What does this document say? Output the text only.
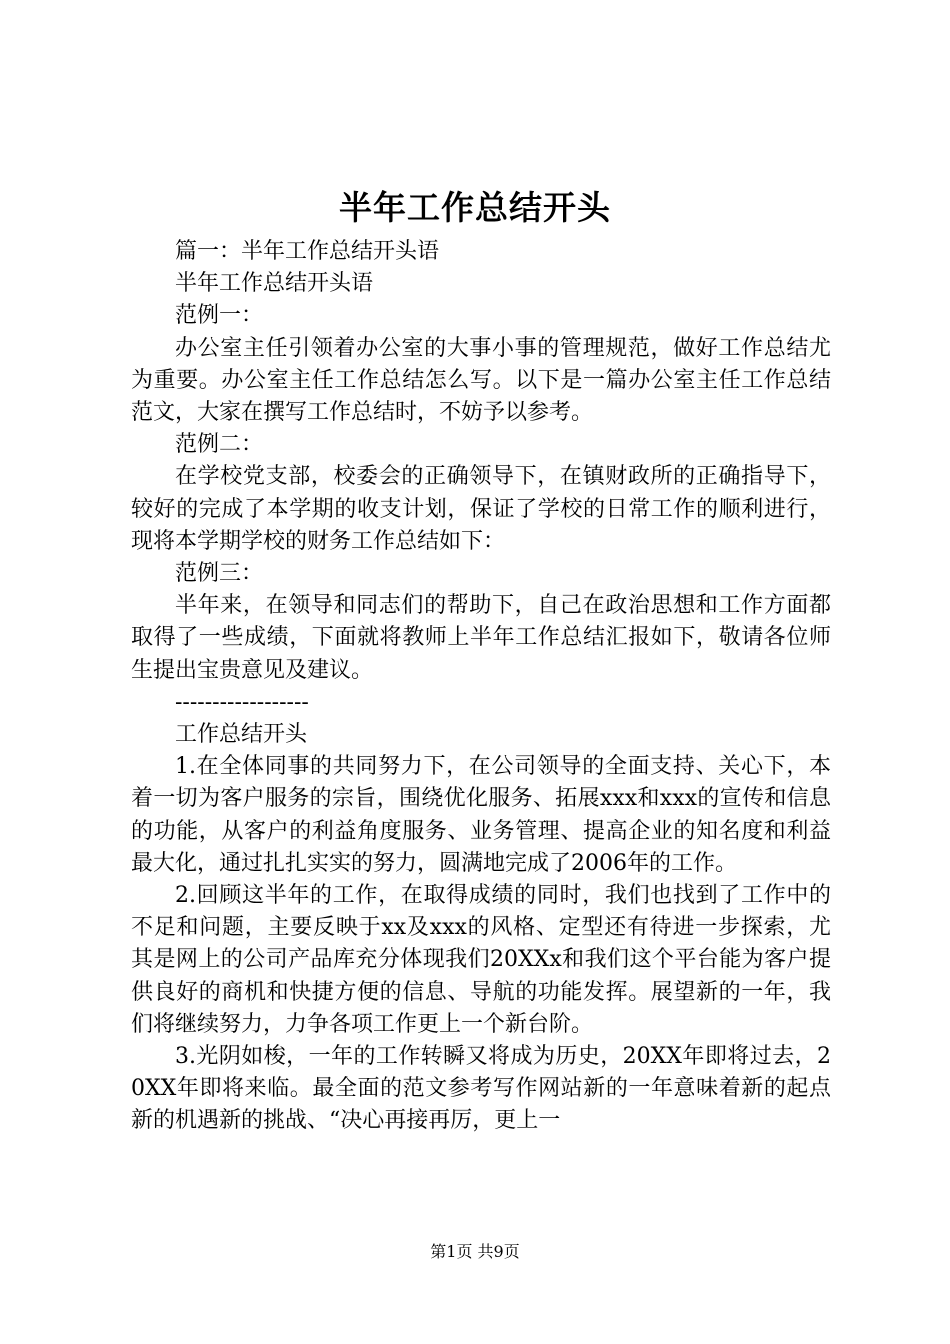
半年工作总结开头

篇一：半年工作总结开头语

半年工作总结开头语

范例一：

办公室主任引领着办公室的大事小事的管理规范，做好工作总结尤为重要。办公室主任工作总结怎么写。以下是一篇办公室主任工作总结范文，大家在撰写工作总结时，不妨予以参考。

范例二：

在学校党支部，校委会的正确领导下，在镇财政所的正确指导下，较好的完成了本学期的收支计划，保证了学校的日常工作的顺利进行，现将本学期学校的财务工作总结如下：

范例三：

半年来，在领导和同志们的帮助下，自己在政治思想和工作方面都取得了一些成绩，下面就将教师上半年工作总结汇报如下，敬请各位师生提出宝贵意见及建议。

------------------

工作总结开头

1.在全体同事的共同努力下，在公司领导的全面支持、关心下，本着一切为客户服务的宗旨，围绕优化服务、拓展xxx和xxx的宣传和信息的功能，从客户的利益角度服务、业务管理、提高企业的知名度和利益最大化，通过扎扎实实的努力，圆满地完成了2006年的工作。

2.回顾这半年的工作，在取得成绩的同时，我们也找到了工作中的不足和问题，主要反映于xx及xxx的风格、定型还有待进一步探索，尤其是网上的公司产品库充分体现我们20XXx和我们这个平台能为客户提供良好的商机和快捷方便的信息、导航的功能发挥。展望新的一年，我们将继续努力，力争各项工作更上一个新台阶。

3.光阴如梭，一年的工作转瞬又将成为历史，20XX年即将过去，20XX年即将来临。最全面的范文参考写作网站新的一年意味着新的起点新的机遇新的挑战、“决心再接再厉，更上一

第1页 共9页
